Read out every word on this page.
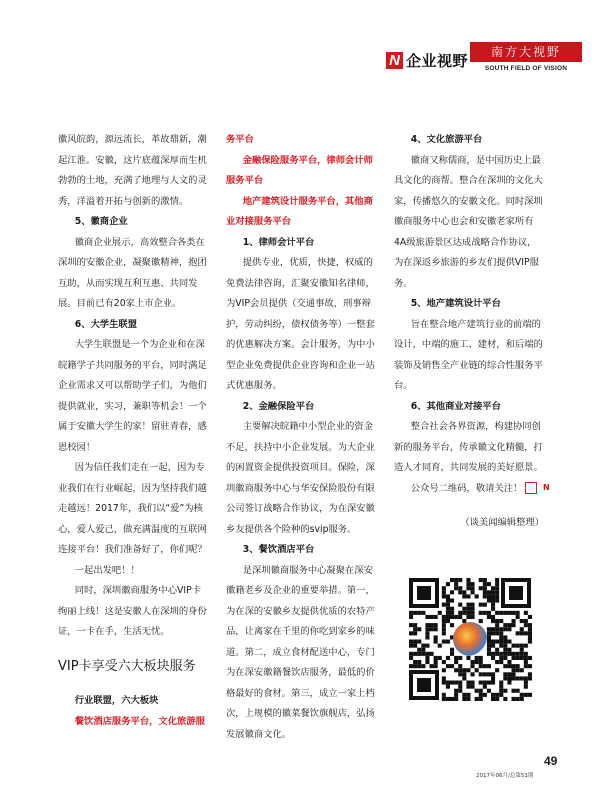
N 企业视野	南方大视野
SOUTH FIELD OF VISION

徽风皖韵，源远流长，革故鼎新，潮起江淮。安徽，这片底蕴深厚而生机勃勃的土地，充满了地理与人文的灵秀，洋溢着开拓与创新的激情。

5、徽商企业

徽商企业展示，高效整合各类在深圳的安徽企业，凝聚徽精神，抱团互助，从而实现互利互惠、共同发展。目前已有20家上市企业。

6、大学生联盟

大学生联盟是一个为企业和在深皖籍学子共同服务的平台，同时满足企业需求又可以帮助学子们，为他们提供就业，实习，兼职等机会！一个属于安徽大学生的家！留驻青春，感恩校园！

因为信任我们走在一起，因为专业我们在行业崛起，因为坚持我们越走越远！2017年，我们以“爱”为核心，爱人爱己，做充满温度的互联网连接平台！我们准备好了，你们呢？

一起出发吧！！

同时，深圳徽商服务中心VIP卡绚丽上线！这是安徽人在深圳的身份证，一卡在手，生活无忧。

VIP卡享受六大板块服务

行业联盟，六大板块

餐饮酒店服务平台，文化旅游服

务平台

金融保险服务平台，律师会计师服务平台

地产建筑设计服务平台，其他商业对接服务平台

1、律师会计平台

提供专业，优质，快捷，权威的免费法律咨询，汇聚安徽知名律师，为VIP会员提供（交通事故，刑事辩护，劳动纠纷，债权债务等）一整套的优惠解决方案。会计服务，为中小型企业免费提供企业咨询和企业一站式优惠服务。

2、金融保险平台

主要解决皖籍中小型企业的资金不足，扶持中小企业发展。为大企业的闲置资金提供投资项目。保险，深圳徽商服务中心与华安保险股份有限公司签订战略合作协议，为在深安徽乡友提供各个险种的svip服务。

3、餐饮酒店平台

是深圳徽商服务中心凝聚在深安徽籍老乡及企业的重要举措。第一，为在深的安徽乡友提供优质的农特产品，让离家在千里的你吃到家乡的味道。第二，成立食材配送中心，专门为在深安徽籍餐饮店服务，最低的价格最好的食材。第三，成立一家上档次，上规模的徽菜餐饮旗舰店，弘扬发展徽商文化。

4、文化旅游平台

徽商又称儒商，是中国历史上最具文化的商帮。整合在深圳的文化大家，传播悠久的安徽文化。同时深圳徽商服务中心也会和安徽老家所有4A级旅游景区达成战略合作协议，为在深返乡旅游的乡友们提供VIP服务。

5、地产建筑设计平台

旨在整合地产建筑行业的前端的设计，中端的施工、建材，和后端的装饰及销售全产业链的综合性服务平台。

6、其他商业对接平台

整合社会各界资源，构建协同创新的服务平台，传承徽文化精髓，打造人才同育，共同发展的美好愿景。

公众号二维码，敬请关注！	N

（谈美闻编辑整理）

49
2017年06月/总第51期
